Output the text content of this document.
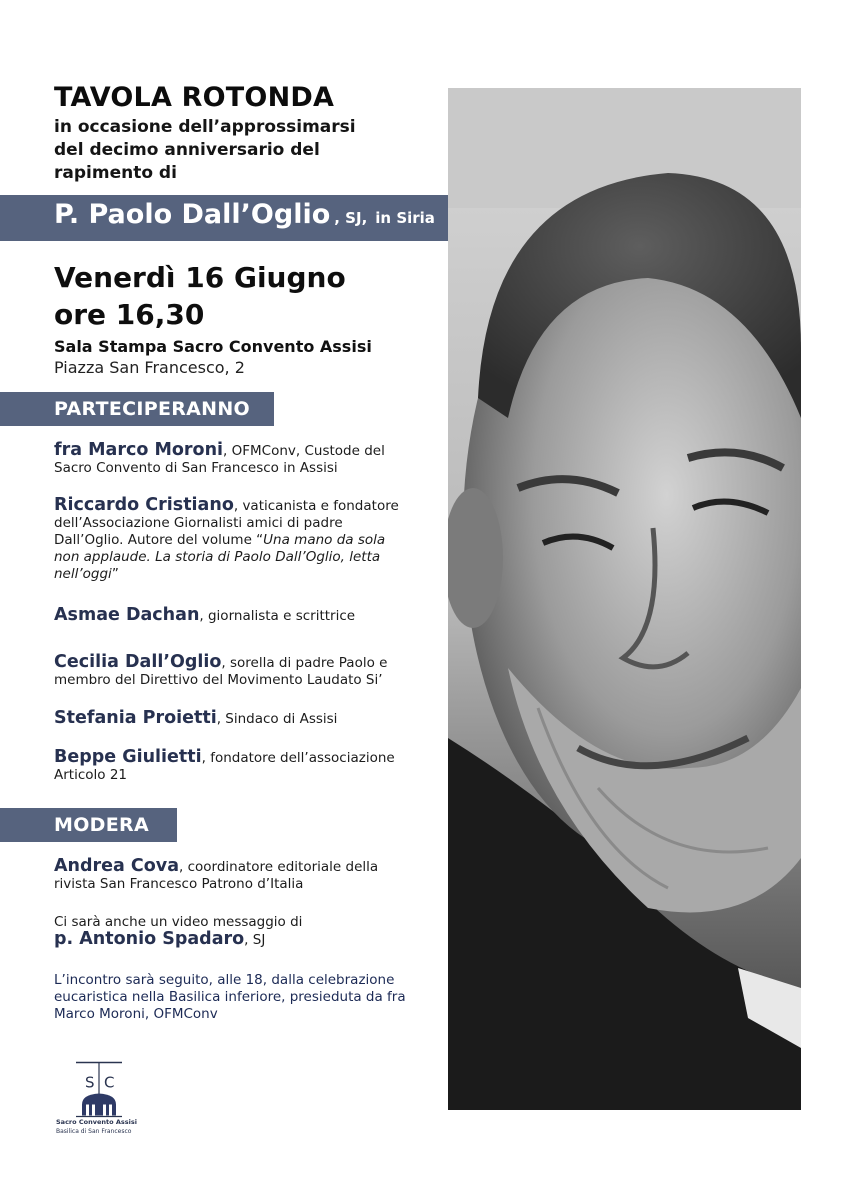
TAVOLA ROTONDA
in occasione dell’approssimarsi
del decimo anniversario del
rapimento di
P. Paolo Dall’Oglio , SJ, in Siria
Venerdì 16 Giugno
ore 16,30
Sala Stampa Sacro Convento Assisi
Piazza San Francesco, 2
PARTECIPERANNO
fra Marco Moroni, OFMConv, Custode del Sacro Convento di San Francesco in Assisi
Riccardo Cristiano, vaticanista e fondatore dell’Associazione Giornalisti amici di padre Dall’Oglio. Autore del volume “Una mano da sola non applaude. La storia di Paolo Dall’Oglio, letta nell’oggi”
Asmae Dachan, giornalista e scrittrice
Cecilia Dall’Oglio, sorella di padre Paolo e membro del Direttivo del Movimento Laudato Si’
Stefania Proietti, Sindaco di Assisi
Beppe Giulietti, fondatore dell’associazione Articolo 21
MODERA
Andrea Cova, coordinatore editoriale della rivista San Francesco Patrono d’Italia
Ci sarà anche un video messaggio di
p. Antonio Spadaro, SJ
L’incontro sarà seguito, alle 18, dalla celebrazione eucaristica nella Basilica inferiore, presieduta da fra Marco Moroni, OFMConv
S C
Sacro Convento Assisi
Basilica di San Francesco
